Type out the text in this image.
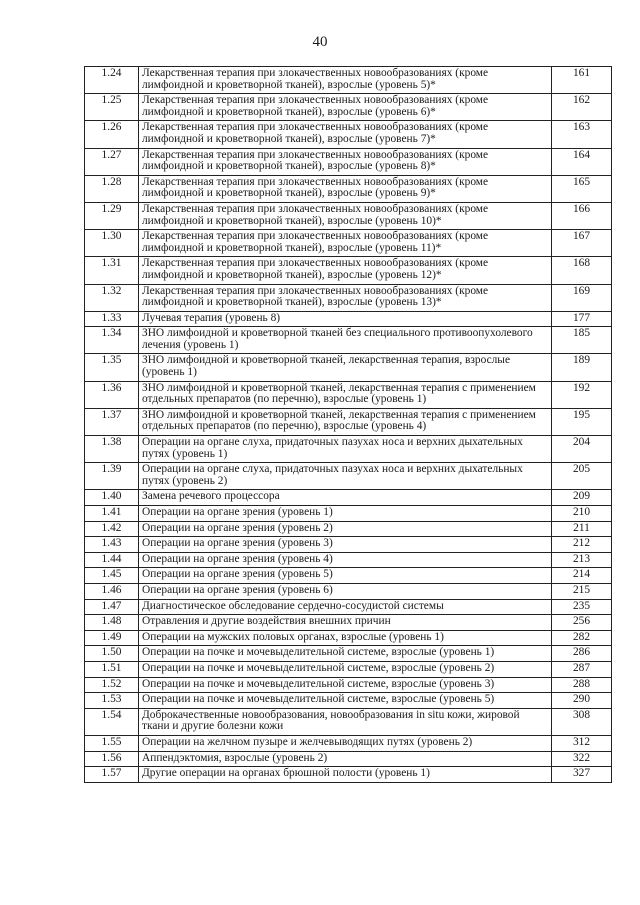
40
1.24	Лекарственная терапия при злокачественных новообразованиях (кроме лимфоидной и кроветворной тканей), взрослые (уровень 5)*	161
1.25	Лекарственная терапия при злокачественных новообразованиях (кроме лимфоидной и кроветворной тканей), взрослые (уровень 6)*	162
1.26	Лекарственная терапия при злокачественных новообразованиях (кроме лимфоидной и кроветворной тканей), взрослые (уровень 7)*	163
1.27	Лекарственная терапия при злокачественных новообразованиях (кроме лимфоидной и кроветворной тканей), взрослые (уровень 8)*	164
1.28	Лекарственная терапия при злокачественных новообразованиях (кроме лимфоидной и кроветворной тканей), взрослые (уровень 9)*	165
1.29	Лекарственная терапия при злокачественных новообразованиях (кроме лимфоидной и кроветворной тканей), взрослые (уровень 10)*	166
1.30	Лекарственная терапия при злокачественных новообразованиях (кроме лимфоидной и кроветворной тканей), взрослые (уровень 11)*	167
1.31	Лекарственная терапия при злокачественных новообразованиях (кроме лимфоидной и кроветворной тканей), взрослые (уровень 12)*	168
1.32	Лекарственная терапия при злокачественных новообразованиях (кроме лимфоидной и кроветворной тканей), взрослые (уровень 13)*	169
1.33	Лучевая терапия (уровень 8)	177
1.34	ЗНО лимфоидной и кроветворной тканей без специального противоопухолевого лечения (уровень 1)	185
1.35	ЗНО лимфоидной и кроветворной тканей, лекарственная терапия, взрослые (уровень 1)	189
1.36	ЗНО лимфоидной и кроветворной тканей, лекарственная терапия с применением отдельных препаратов (по перечню), взрослые (уровень 1)	192
1.37	ЗНО лимфоидной и кроветворной тканей, лекарственная терапия с применением отдельных препаратов (по перечню), взрослые (уровень 4)	195
1.38	Операции на органе слуха, придаточных пазухах носа и верхних дыхательных путях (уровень 1)	204
1.39	Операции на органе слуха, придаточных пазухах носа и верхних дыхательных путях (уровень 2)	205
1.40	Замена речевого процессора	209
1.41	Операции на органе зрения (уровень 1)	210
1.42	Операции на органе зрения (уровень 2)	211
1.43	Операции на органе зрения (уровень 3)	212
1.44	Операции на органе зрения (уровень 4)	213
1.45	Операции на органе зрения (уровень 5)	214
1.46	Операции на органе зрения (уровень 6)	215
1.47	Диагностическое обследование сердечно-сосудистой системы	235
1.48	Отравления и другие воздействия внешних причин	256
1.49	Операции на мужских половых органах, взрослые (уровень 1)	282
1.50	Операции на почке и мочевыделительной системе, взрослые (уровень 1)	286
1.51	Операции на почке и мочевыделительной системе, взрослые (уровень 2)	287
1.52	Операции на почке и мочевыделительной системе, взрослые (уровень 3)	288
1.53	Операции на почке и мочевыделительной системе, взрослые (уровень 5)	290
1.54	Доброкачественные новообразования, новообразования in situ кожи, жировой ткани и другие болезни кожи	308
1.55	Операции на желчном пузыре и желчевыводящих путях (уровень 2)	312
1.56	Аппендэктомия, взрослые (уровень 2)	322
1.57	Другие операции на органах брюшной полости (уровень 1)	327
